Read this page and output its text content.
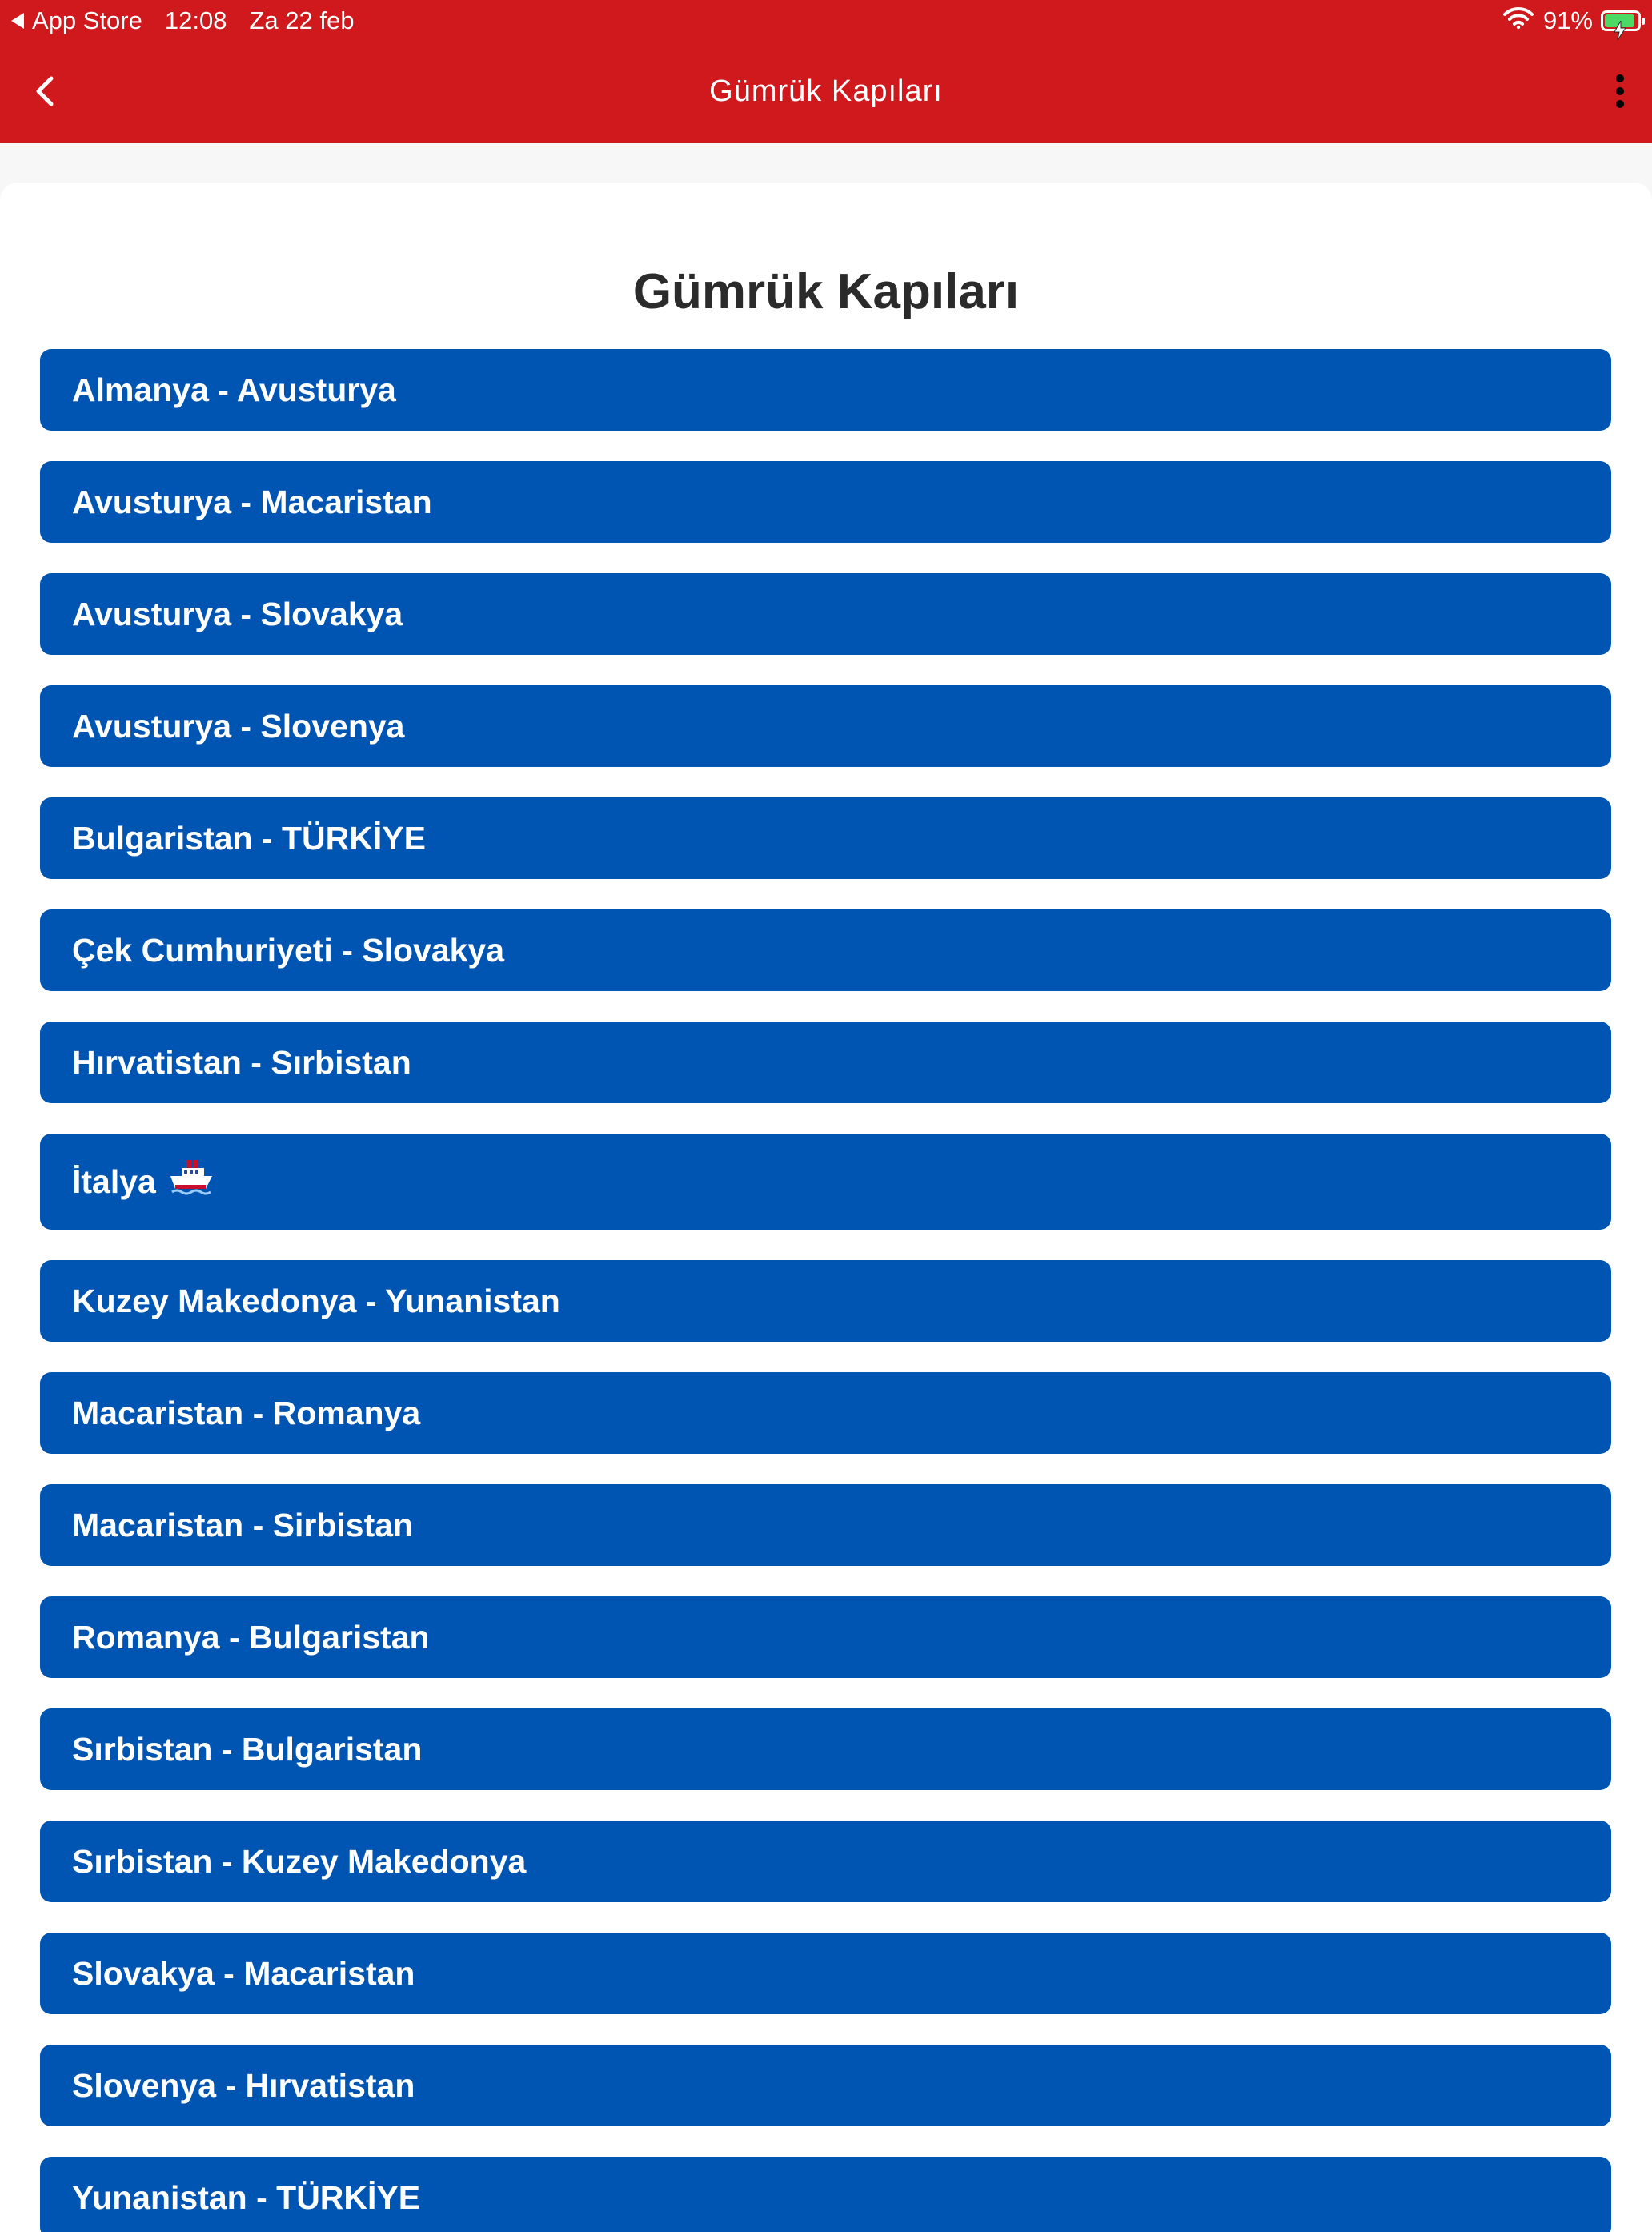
App Store 12:08 Za 22 feb	91%
Gümrük Kapıları
Gümrük Kapıları
Almanya - Avusturya
Avusturya - Macaristan
Avusturya - Slovakya
Avusturya - Slovenya
Bulgaristan - TÜRKİYE
Çek Cumhuriyeti - Slovakya
Hırvatistan - Sırbistan
İtalya
Kuzey Makedonya - Yunanistan
Macaristan - Romanya
Macaristan - Sirbistan
Romanya - Bulgaristan
Sırbistan - Bulgaristan
Sırbistan - Kuzey Makedonya
Slovakya - Macaristan
Slovenya - Hırvatistan
Yunanistan - TÜRKİYE
